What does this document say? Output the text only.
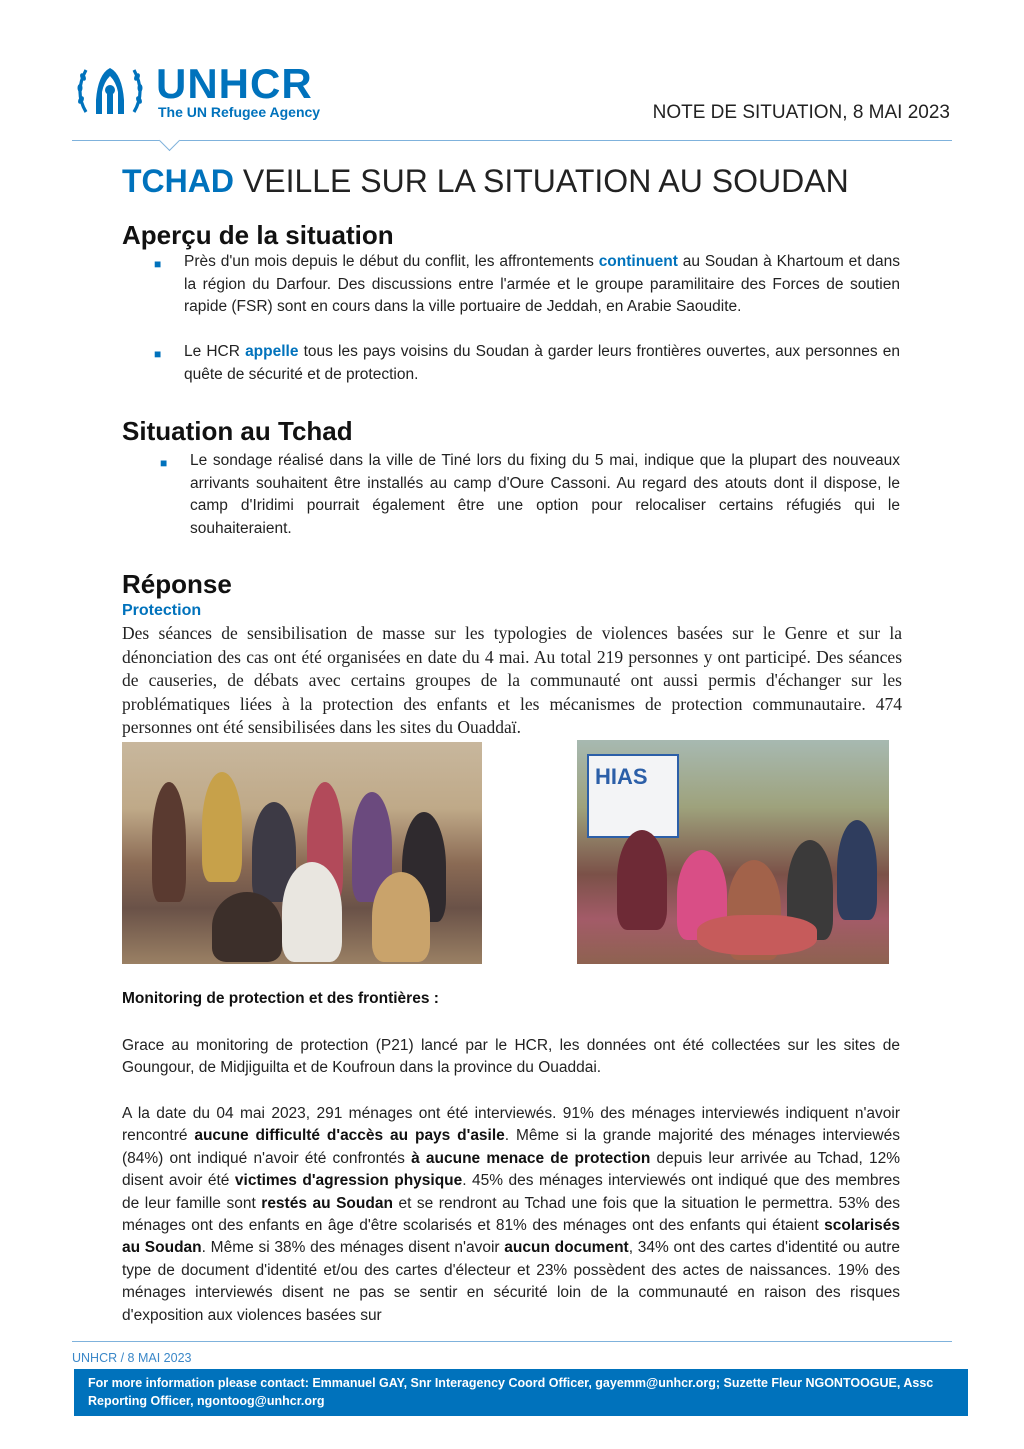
UNHCR
The UN Refugee Agency	NOTE DE SITUATION, 8 MAI 2023
TCHAD VEILLE SUR LA SITUATION AU SOUDAN
Aperçu de la situation
■ Près d'un mois depuis le début du conflit, les affrontements continuent au Soudan à Khartoum et dans la région du Darfour. Des discussions entre l'armée et le groupe paramilitaire des Forces de soutien rapide (FSR) sont en cours dans la ville portuaire de Jeddah, en Arabie Saoudite.
■ Le HCR appelle tous les pays voisins du Soudan à garder leurs frontières ouvertes, aux personnes en quête de sécurité et de protection.
Situation au Tchad
■ Le sondage réalisé dans la ville de Tiné lors du fixing du 5 mai, indique que la plupart des nouveaux arrivants souhaitent être installés au camp d'Oure Cassoni. Au regard des atouts dont il dispose, le camp d'Iridimi pourrait également être une option pour relocaliser certains réfugiés qui le souhaiteraient.
Réponse
Protection
Des séances de sensibilisation de masse sur les typologies de violences basées sur le Genre et sur la dénonciation des cas ont été organisées en date du 4 mai. Au total 219 personnes y ont participé. Des séances de causeries, de débats avec certains groupes de la communauté ont aussi permis d'échanger sur les problématiques liées à la protection des enfants et les mécanismes de protection communautaire. 474 personnes ont été sensibilisées dans les sites du Ouaddaï.
HIAS
Monitoring de protection et des frontières :
Grace au monitoring de protection (P21) lancé par le HCR, les données ont été collectées sur les sites de Goungour, de Midjiguilta et de Koufroun dans la province du Ouaddai.
A la date du 04 mai 2023, 291 ménages ont été interviewés. 91% des ménages interviewés indiquent n'avoir rencontré aucune difficulté d'accès au pays d'asile. Même si la grande majorité des ménages interviewés (84%) ont indiqué n'avoir été confrontés à aucune menace de protection depuis leur arrivée au Tchad, 12% disent avoir été victimes d'agression physique. 45% des ménages interviewés ont indiqué que des membres de leur famille sont restés au Soudan et se rendront au Tchad une fois que la situation le permettra. 53% des ménages ont des enfants en âge d'être scolarisés et 81% des ménages ont des enfants qui étaient scolarisés au Soudan. Même si 38% des ménages disent n'avoir aucun document, 34% ont des cartes d'identité ou autre type de document d'identité et/ou des cartes d'électeur et 23% possèdent des actes de naissances. 19% des ménages interviewés disent ne pas se sentir en sécurité loin de la communauté en raison des risques d'exposition aux violences basées sur
UNHCR / 8 MAI 2023
For more information please contact: Emmanuel GAY, Snr Interagency Coord Officer, gayemm@unhcr.org; Suzette Fleur NGONTOOGUE, Assc Reporting Officer, ngontoog@unhcr.org
